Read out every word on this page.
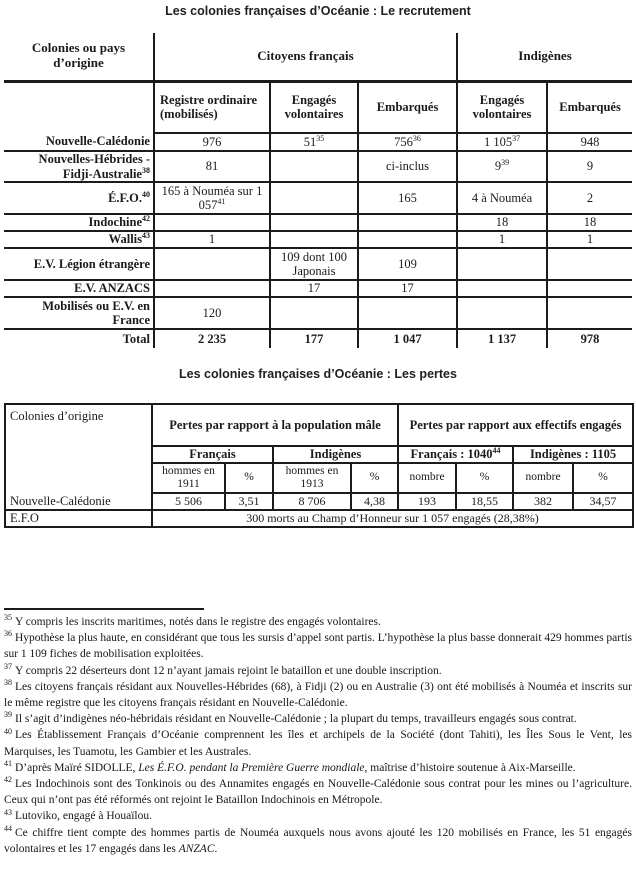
Les colonies françaises d’Océanie : Le recrutement
Colonies ou pays d’origine	Citoyens français			Indigènes	
	Registre ordinaire (mobilisés)	Engagés volontaires	Embarqués	Engagés volontaires	Embarqués
Nouvelle-Calédonie	976	$51^{35}$	$756^{36}$	1 $105^{37}$	948
Nouvelles-Hébrides - Fidji-Australie$^{38}$	81		ci-inclus	$9^{39}$	9
É.F.O.$^{40}$	165 à Nouméa sur 1 $057^{41}$		165	4 à Nouméa	2
Indochine$^{42}$				18	18
Wallis$^{43}$	1			1	1
E.V. Légion étrangère		109 dont 100 Japonais	109		
E.V. ANZACS		17	17		
Mobilisés ou E.V. en France	120				
Total	2 235	177	1 047	1 137	978
Les colonies françaises d’Océanie : Les pertes
Colonies d’origine	Pertes par rapport à la population mâle				Pertes par rapport aux effectifs engagés			
	Français		Indigènes		Français : 1040$^{44}$		Indigènes : 1105	
	hommes en 1911	%	hommes en 1913	%	nombre	%	nombre	%
Nouvelle-Calédonie	5 506	3,51	8 706	4,38	193	18,55	382	34,57
E.F.O	300 morts au Champ d’Honneur sur 1 057 engagés (28,38%)							
$^{35}$ Y compris les inscrits maritimes, notés dans le registre des engagés volontaires.
$^{36}$ Hypothèse la plus haute, en considérant que tous les sursis d’appel sont partis. L’hypothèse la plus basse donnerait 429 hommes partis sur 1 109 fiches de mobilisation exploitées.
$^{37}$ Y compris 22 déserteurs dont 12 n’ayant jamais rejoint le bataillon et une double inscription.
$^{38}$ Les citoyens français résidant aux Nouvelles-Hébrides (68), à Fidji (2) ou en Australie (3) ont été mobilisés à Nouméa et inscrits sur le même registre que les citoyens français résidant en Nouvelle-Calédonie.
$^{39}$ Il s’agit d’indigènes néo-hébridais résidant en Nouvelle-Calédonie ; la plupart du temps, travailleurs engagés sous contrat.
$^{40}$ Les Établissement Français d’Océanie comprennent les îles et archipels de la Société (dont Tahiti), les Îles Sous le Vent, les Marquises, les Tuamotu, les Gambier et les Australes.
$^{41}$ D’après Maïré SIDOLLE, Les É.F.O. pendant la Première Guerre mondiale, maîtrise d’histoire soutenue à Aix-Marseille.
$^{42}$ Les Indochinois sont des Tonkinois ou des Annamites engagés en Nouvelle-Calédonie sous contrat pour les mines ou l’agriculture. Ceux qui n’ont pas été réformés ont rejoint le Bataillon Indochinois en Métropole.
$^{43}$ Lutoviko, engagé à Houaïlou.
$^{44}$ Ce chiffre tient compte des hommes partis de Nouméa auxquels nous avons ajouté les 120 mobilisés en France, les 51 engagés volontaires et les 17 engagés dans les ANZAC.
